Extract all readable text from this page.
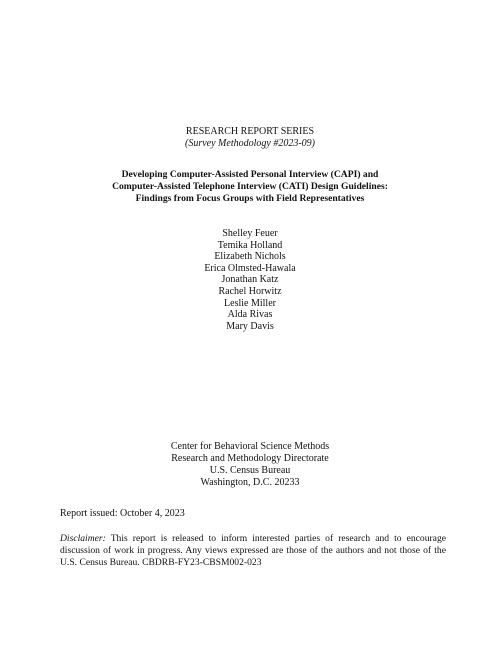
RESEARCH REPORT SERIES
(Survey Methodology #2023-09)
Developing Computer-Assisted Personal Interview (CAPI) and
Computer-Assisted Telephone Interview (CATI) Design Guidelines:
Findings from Focus Groups with Field Representatives
Shelley Feuer
Temika Holland
Elizabeth Nichols
Erica Olmsted-Hawala
Jonathan Katz
Rachel Horwitz
Leslie Miller
Alda Rivas
Mary Davis
Center for Behavioral Science Methods
Research and Methodology Directorate
U.S. Census Bureau
Washington, D.C. 20233
Report issued: October 4, 2023
Disclaimer: This report is released to inform interested parties of research and to encourage discussion of work in progress. Any views expressed are those of the authors and not those of the U.S. Census Bureau. CBDRB-FY23-CBSM002-023
